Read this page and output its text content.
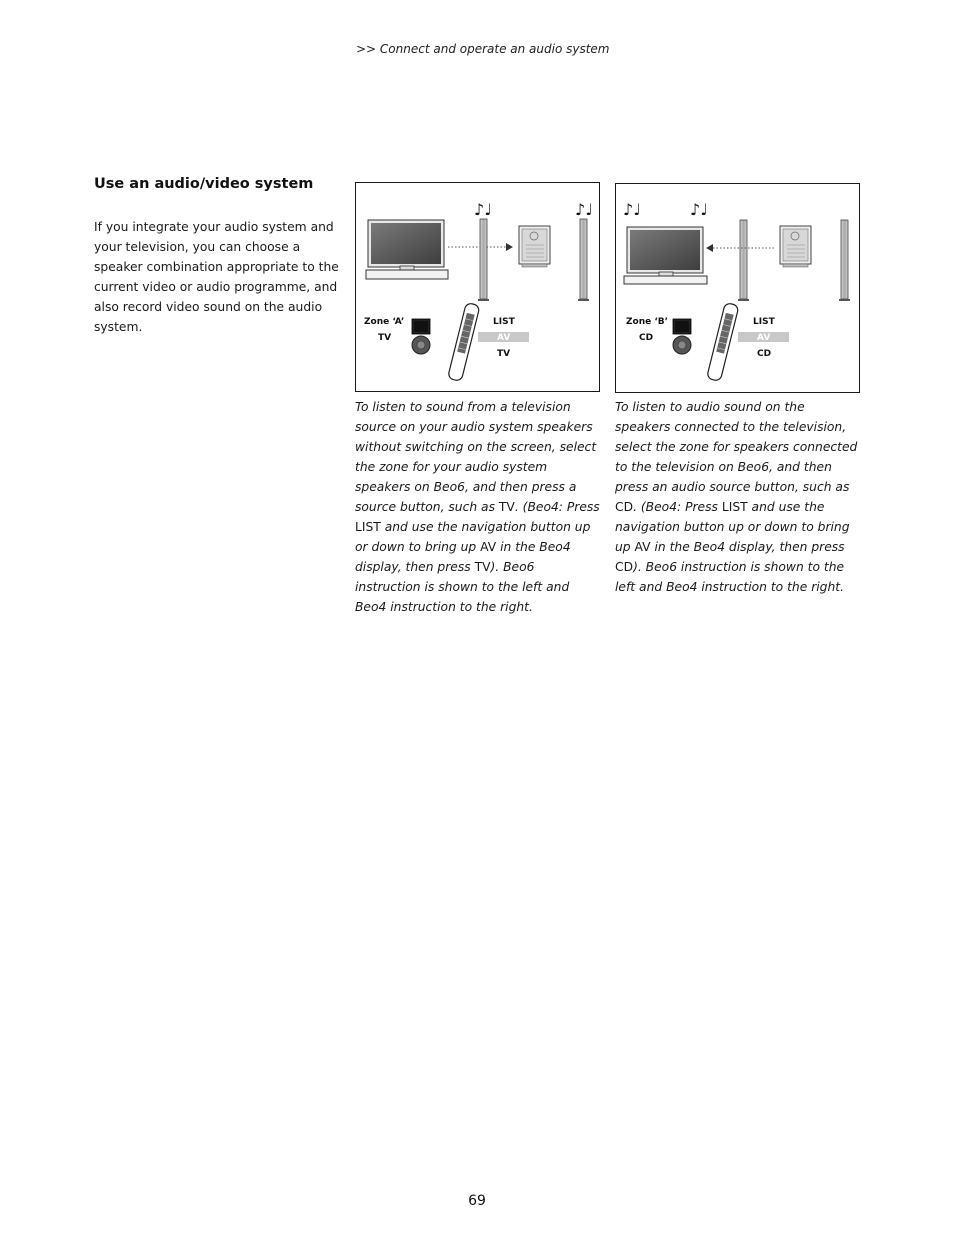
>> Connect and operate an audio system
Use an audio/video system
If you integrate your audio system and your television, you can choose a speaker combination appropriate to the current video or audio programme, and also record video sound on the audio system.
♪♩	♪♩
Zone ‘A’
TV
LIST
AV
TV
♪♩	♪♩
Zone ‘B’
CD
LIST
AV
CD
To listen to sound from a television source on your audio system speakers without switching on the screen, select the zone for your audio system speakers on Beo6, and then press a source button, such as TV. (Beo4: Press LIST and use the navigation button up or down to bring up AV in the Beo4 display, then press TV). Beo6 instruction is shown to the left and Beo4 instruction to the right.
To listen to audio sound on the speakers connected to the television, select the zone for speakers connected to the television on Beo6, and then press an audio source button, such as CD. (Beo4: Press LIST and use the navigation button up or down to bring up AV in the Beo4 display, then press CD). Beo6 instruction is shown to the left and Beo4 instruction to the right.
69
